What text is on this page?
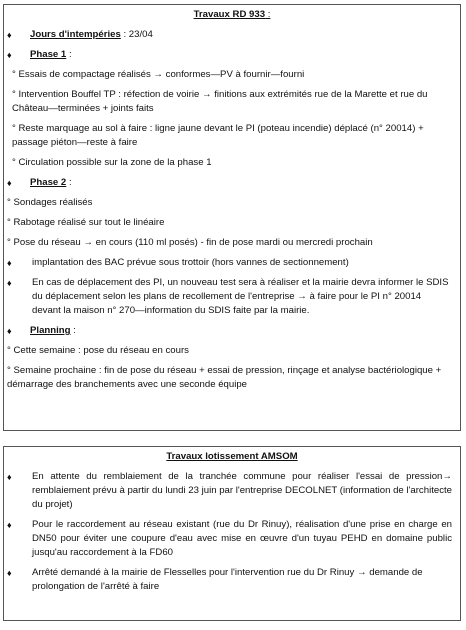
Travaux RD 933 :
♦ Jours d'intempéries : 23/04
♦ Phase 1 :
° Essais de compactage réalisés → conformes—PV à fournir—fourni
° Intervention Bouffel TP : réfection de voirie → finitions aux extrémités rue de la Marette et rue du Château—terminées + joints faits
° Reste marquage au sol à faire : ligne jaune devant le PI (poteau incendie) déplacé (n° 20014) + passage piéton—reste à faire
° Circulation possible sur la zone de la phase 1
♦ Phase 2 :
° Sondages réalisés
° Rabotage réalisé sur tout le linéaire
° Pose du réseau → en cours (110 ml posés) - fin de pose mardi ou mercredi prochain
♦ implantation des BAC prévue sous trottoir (hors vannes de sectionnement)
♦ En cas de déplacement des PI, un nouveau test sera à réaliser et la mairie devra informer le SDIS du déplacement selon les plans de recollement de l'entreprise → à faire pour le PI n° 20014 devant la maison n° 270—information du SDIS faite par la mairie.
♦ Planning :
° Cette semaine : pose du réseau en cours
° Semaine prochaine : fin de pose du réseau + essai de pression, rinçage et analyse bactériologique + démarrage des branchements avec une seconde équipe
Travaux lotissement AMSOM
♦ En attente du remblaiement de la tranchée commune pour réaliser l'essai de pression→ remblaiement prévu à partir du lundi 23 juin par l'entreprise DECOLNET (information de l'architecte du projet)
♦ Pour le raccordement au réseau existant (rue du Dr Rinuy), réalisation d'une prise en charge en DN50 pour éviter une coupure d'eau avec mise en œuvre d'un tuyau PEHD en domaine public jusqu'au raccordement à la FD60
♦ Arrêté demandé à la mairie de Flesselles pour l'intervention rue du Dr Rinuy → demande de prolongation de l'arrêté à faire
